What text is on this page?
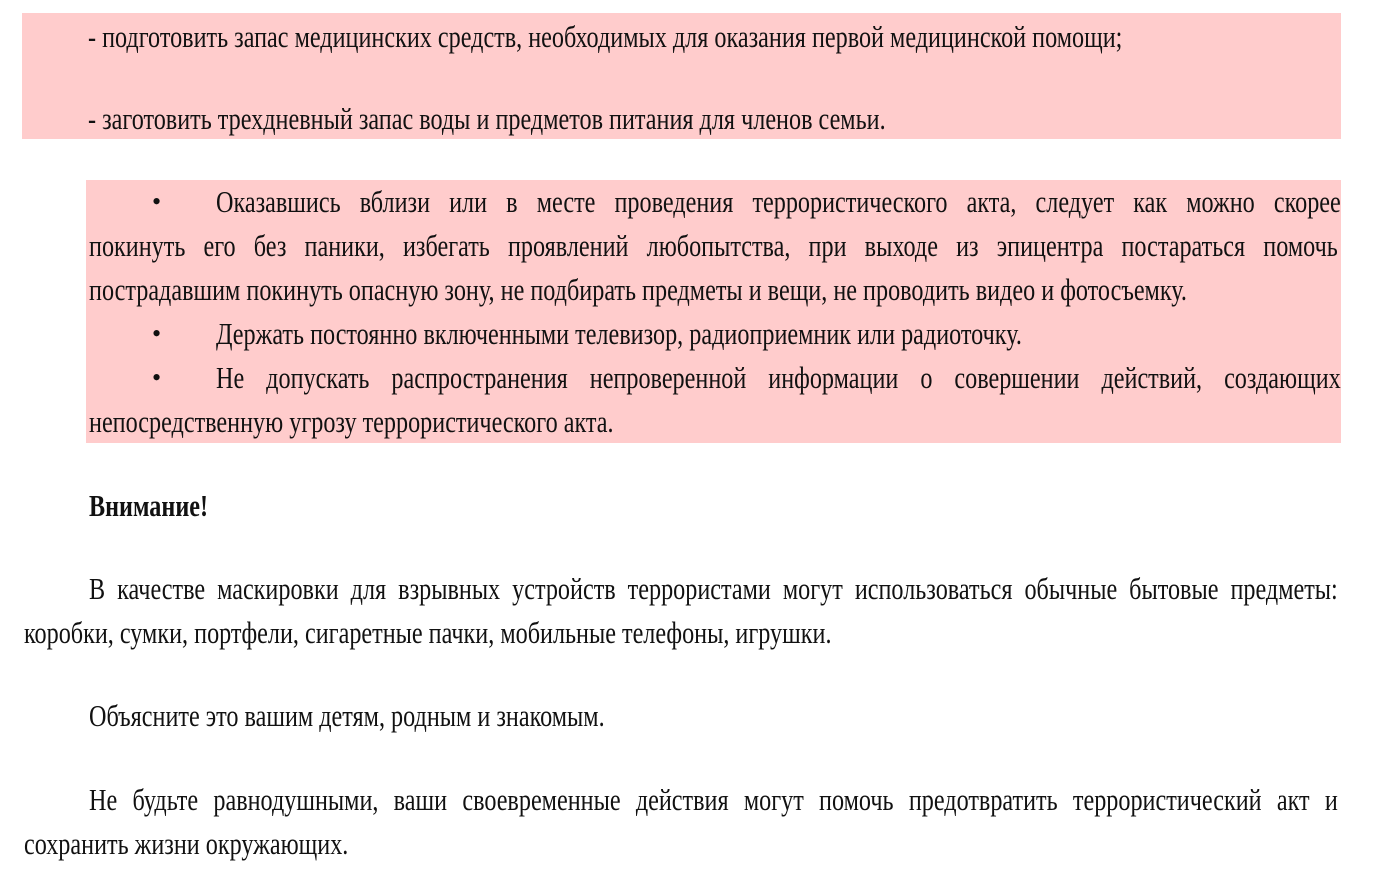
- подготовить запас медицинских средств, необходимых для оказания первой медицинской помощи;
- заготовить трехдневный запас воды и предметов питания для членов семьи.
• Оказавшись вблизи или в месте проведения террористического акта, следует как можно скорее
покинуть его без паники, избегать проявлений любопытства, при выходе из эпицентра постараться помочь
пострадавшим покинуть опасную зону, не подбирать предметы и вещи, не проводить видео и фотосъемку.
• Держать постоянно включенными телевизор, радиоприемник или радиоточку.
• Не допускать распространения непроверенной информации о совершении действий, создающих
непосредственную угрозу террористического акта.
Внимание!
В качестве маскировки для взрывных устройств террористами могут использоваться обычные бытовые предметы:
коробки, сумки, портфели, сигаретные пачки, мобильные телефоны, игрушки.
Объясните это вашим детям, родным и знакомым.
Не будьте равнодушными, ваши своевременные действия могут помочь предотвратить террористический акт и
сохранить жизни окружающих.
